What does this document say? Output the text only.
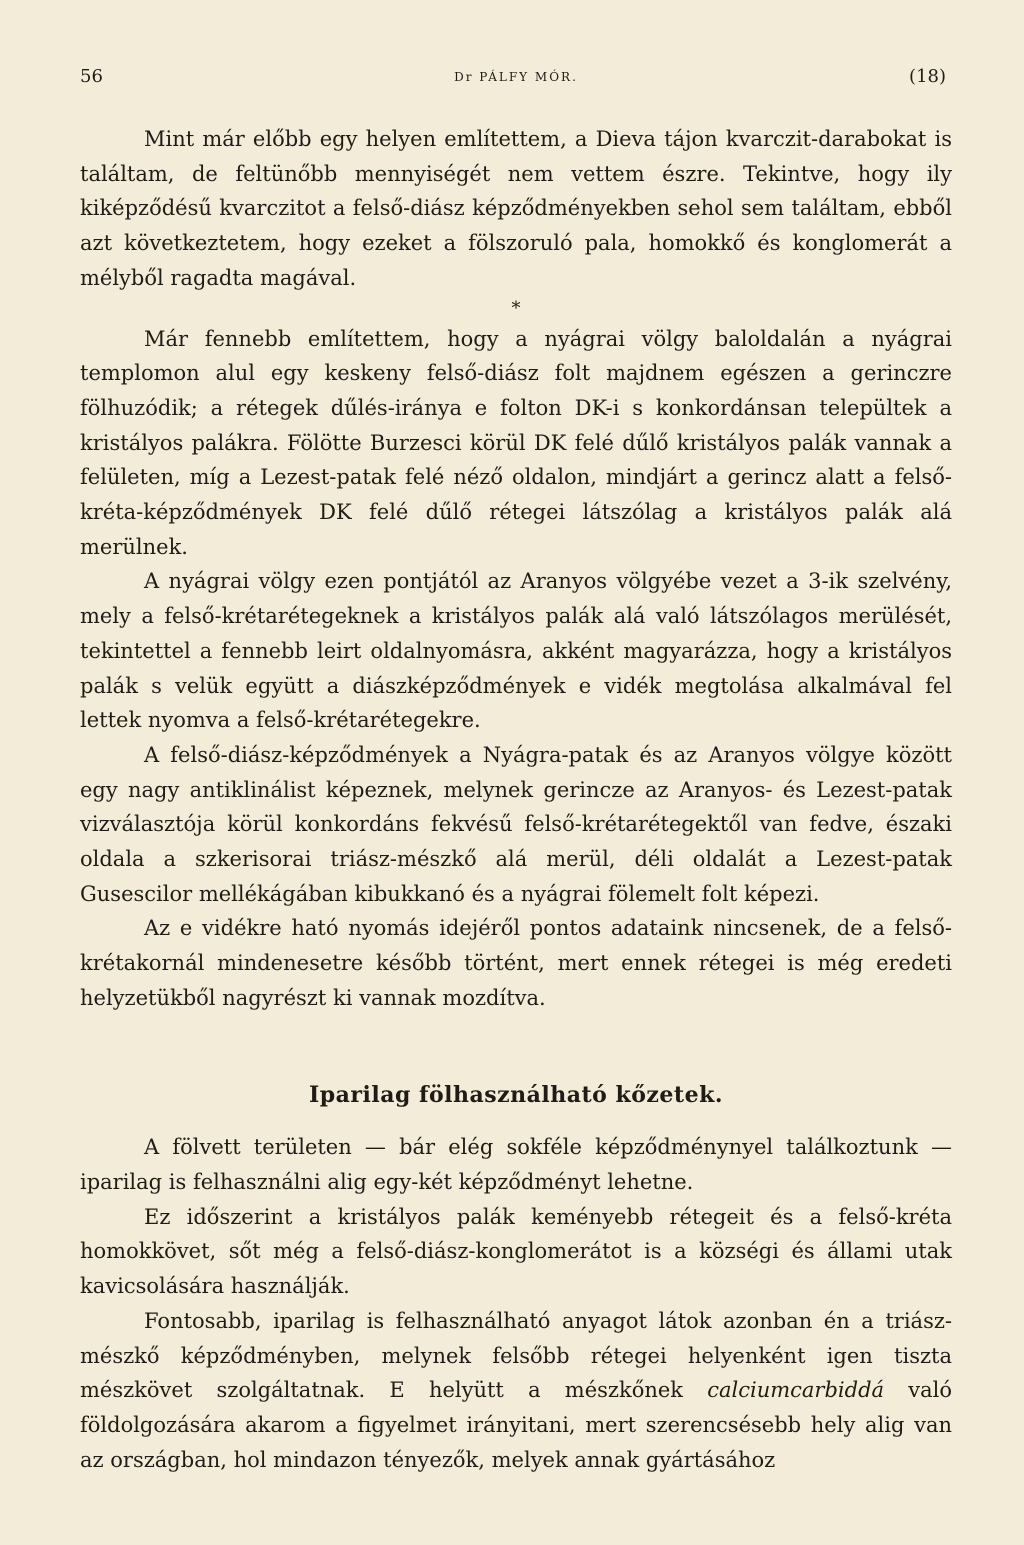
56	Dr PÁLFY MÓR.	(18)

Mint már előbb egy helyen említettem, a Dieva tájon kvarczit-darabokat is találtam, de feltünőbb mennyiségét nem vettem észre. Tekintve, hogy ily kiképződésű kvarczitot a felső-diász képződményekben sehol sem találtam, ebből azt következtetem, hogy ezeket a fölszoruló pala, homokkő és konglomerát a mélyből ragadta magával.

*

Már fennebb említettem, hogy a nyágrai völgy baloldalán a nyágrai templomon alul egy keskeny felső-diász folt majdnem egészen a gerinczre fölhuzódik; a rétegek dűlés-iránya e folton DK-i s konkordánsan települtek a kristályos palákra. Fölötte Burzesci körül DK felé dűlő kristályos palák vannak a felületen, míg a Lezest-patak felé néző oldalon, mindjárt a gerincz alatt a felső-kréta-képződmények DK felé dűlő rétegei látszólag a kristályos palák alá merülnek.

A nyágrai völgy ezen pontjától az Aranyos völgyébe vezet a 3-ik szelvény, mely a felső-krétarétegeknek a kristályos palák alá való látszólagos merülését, tekintettel a fennebb leirt oldalnyomásra, akként magyarázza, hogy a kristályos palák s velük együtt a diászképződmények e vidék megtolása alkalmával fel lettek nyomva a felső-krétarétegekre.

A felső-diász-képződmények a Nyágra-patak és az Aranyos völgye között egy nagy antiklinálist képeznek, melynek gerincze az Aranyos- és Lezest-patak vizválasztója körül konkordáns fekvésű felső-krétarétegektől van fedve, északi oldala a szkerisorai triász-mészkő alá merül, déli oldalát a Lezest-patak Gusescilor mellékágában kibukkanó és a nyágrai fölemelt folt képezi.

Az e vidékre ható nyomás idejéről pontos adataink nincsenek, de a felső-krétakornál mindenesetre később történt, mert ennek rétegei is még eredeti helyzetükből nagyrészt ki vannak mozdítva.

Iparilag fölhasználható kőzetek.

A fölvett területen — bár elég sokféle képződménynyel találkoztunk — iparilag is felhasználni alig egy-két képződményt lehetne.

Ez időszerint a kristályos palák keményebb rétegeit és a felső-kréta homokkövet, sőt még a felső-diász-konglomerátot is a községi és állami utak kavicsolására használják.

Fontosabb, iparilag is felhasználható anyagot látok azonban én a triász-mészkő képződményben, melynek felsőbb rétegei helyenként igen tiszta mészkövet szolgáltatnak. E helyütt a mészkőnek calciumcarbiddá való földolgozására akarom a figyelmet irányitani, mert szerencsésebb hely alig van az országban, hol mindazon tényezők, melyek annak gyártásához
